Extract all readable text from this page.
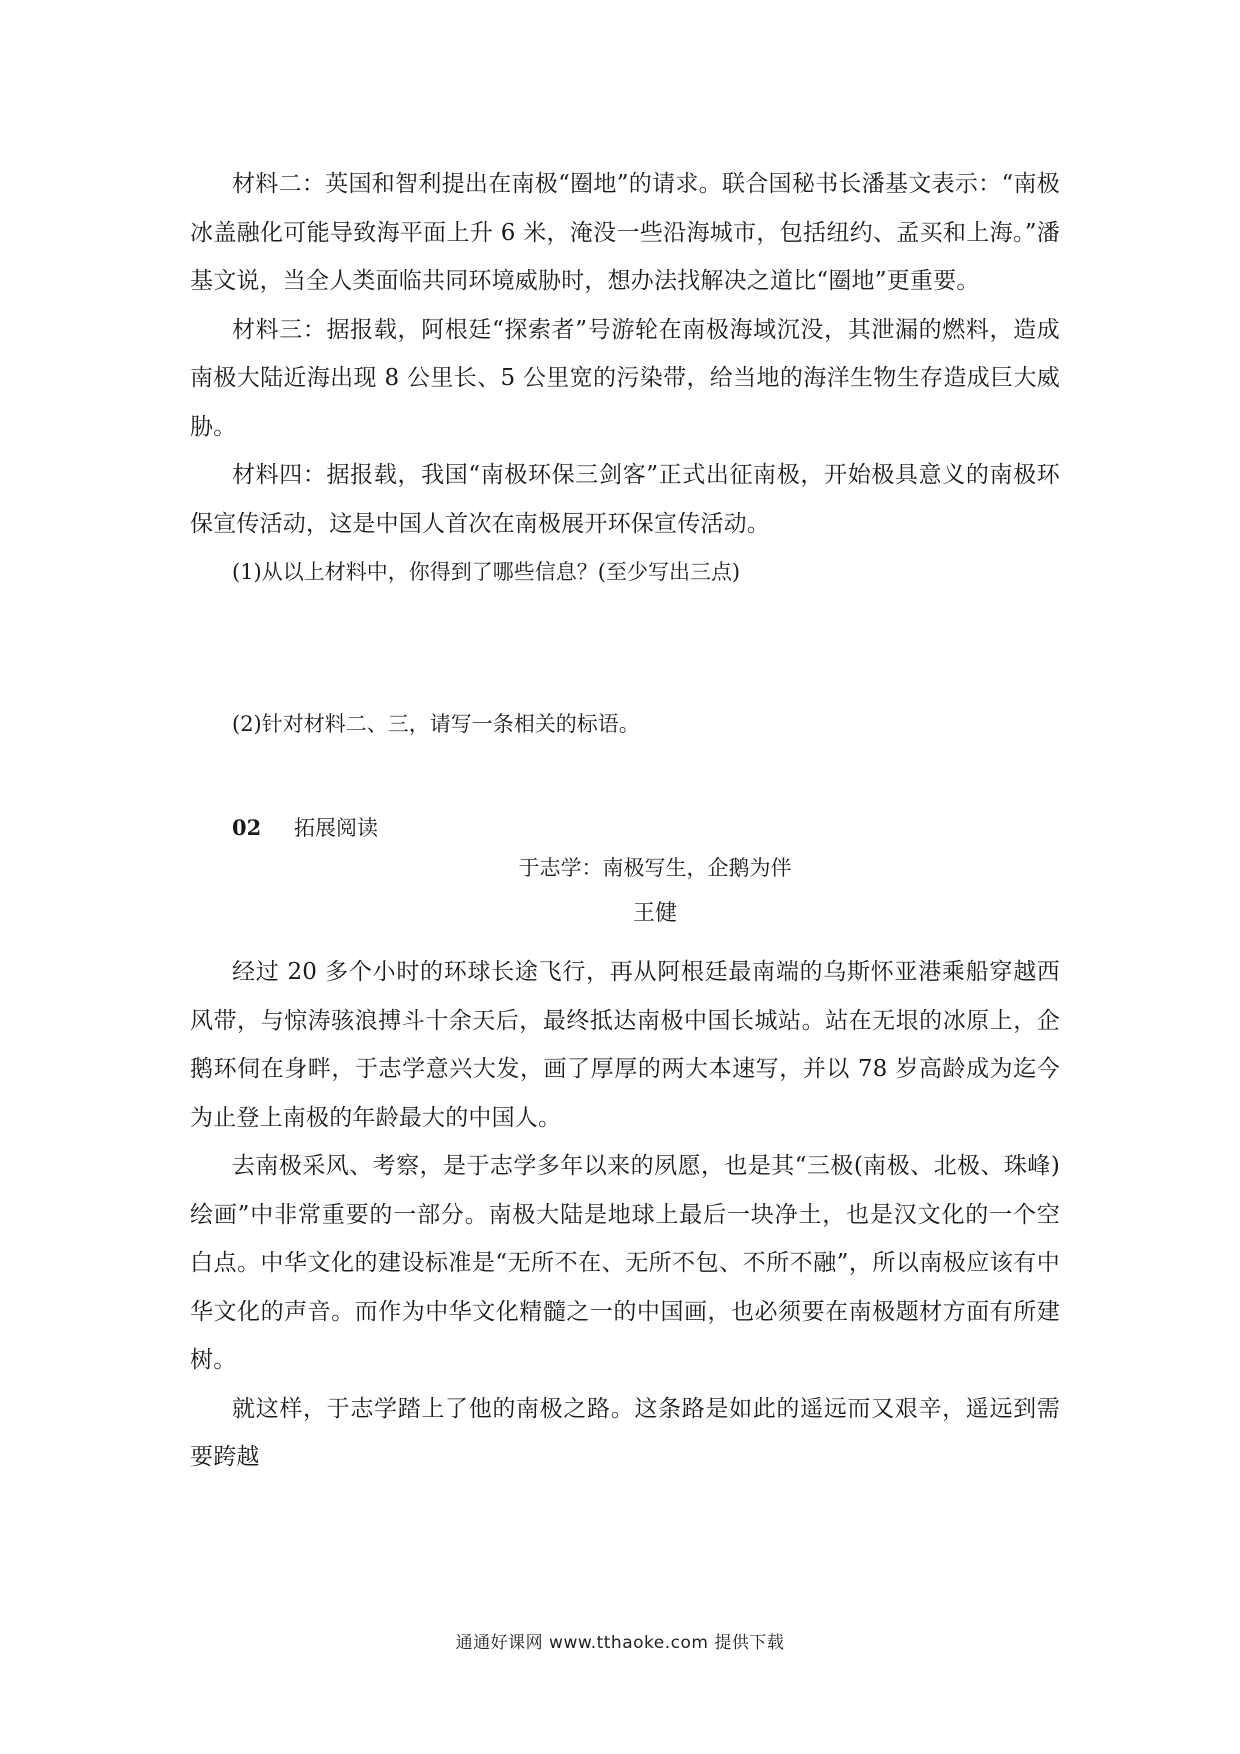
材料二：英国和智利提出在南极“圈地”的请求。联合国秘书长潘基文表示：“南极冰盖融化可能导致海平面上升 6 米，淹没一些沿海城市，包括纽约、孟买和上海。”潘基文说，当全人类面临共同环境威胁时，想办法找解决之道比“圈地”更重要。

材料三：据报载，阿根廷“探索者”号游轮在南极海域沉没，其泄漏的燃料，造成南极大陆近海出现 8 公里长、5 公里宽的污染带，给当地的海洋生物生存造成巨大威胁。

材料四：据报载，我国“南极环保三剑客”正式出征南极，开始极具意义的南极环保宣传活动，这是中国人首次在南极展开环保宣传活动。

(1)从以上材料中，你得到了哪些信息？(至少写出三点)

(2)针对材料二、三，请写一条相关的标语。

02	拓展阅读

于志学：南极写生，企鹅为伴

王健

经过 20 多个小时的环球长途飞行，再从阿根廷最南端的乌斯怀亚港乘船穿越西风带，与惊涛骇浪搏斗十余天后，最终抵达南极中国长城站。站在无垠的冰原上，企鹅环伺在身畔，于志学意兴大发，画了厚厚的两大本速写，并以 78 岁高龄成为迄今为止登上南极的年龄最大的中国人。

去南极采风、考察，是于志学多年以来的夙愿，也是其“三极(南极、北极、珠峰)绘画”中非常重要的一部分。南极大陆是地球上最后一块净土，也是汉文化的一个空白点。中华文化的建设标准是“无所不在、无所不包、不所不融”，所以南极应该有中华文化的声音。而作为中华文化精髓之一的中国画，也必须要在南极题材方面有所建树。

就这样，于志学踏上了他的南极之路。这条路是如此的遥远而又艰辛，遥远到需要跨越

通通好课网 www.tthaoke.com 提供下载
